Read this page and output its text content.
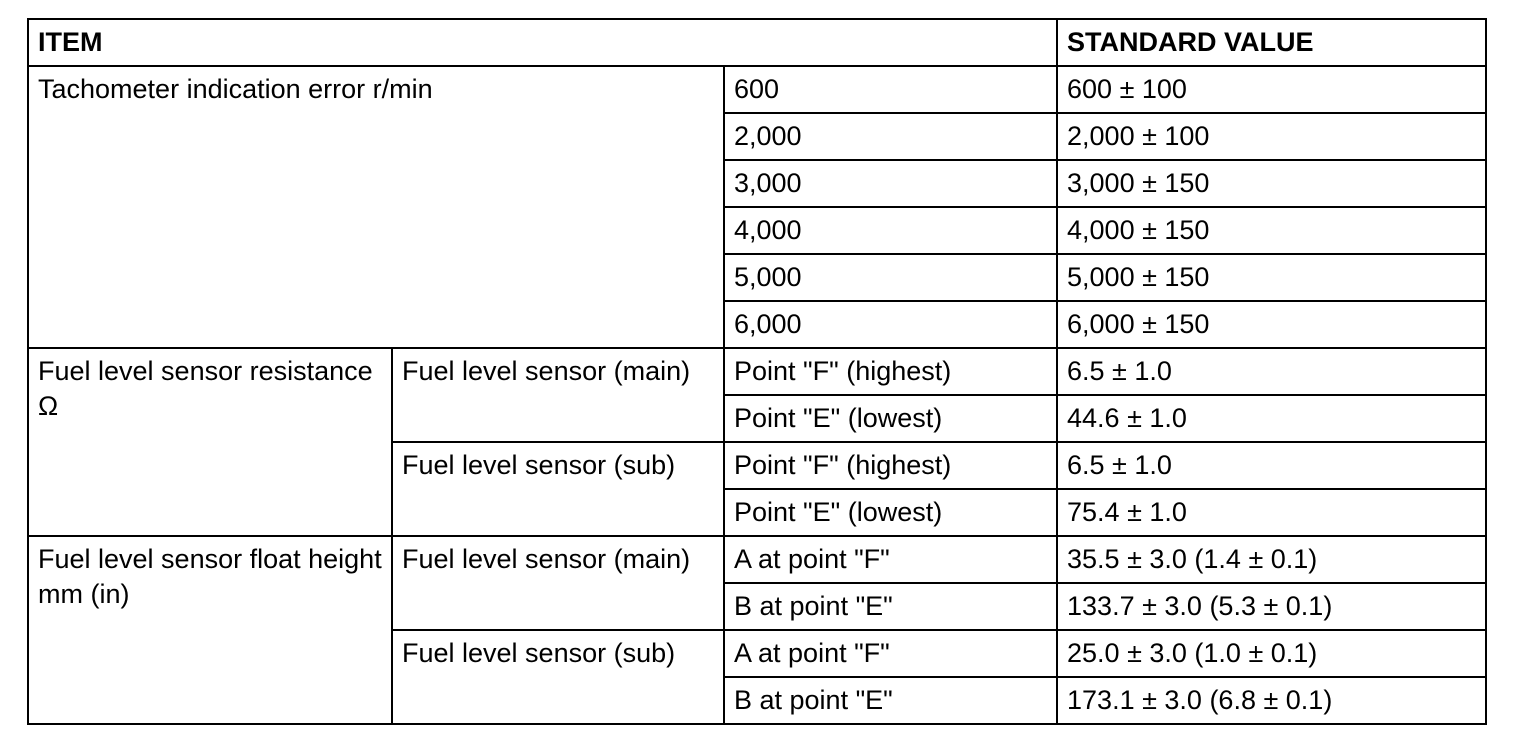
ITEM			STANDARD VALUE
Tachometer indication error r/min		600	600 ± 100
		2,000	2,000 ± 100
		3,000	3,000 ± 150
		4,000	4,000 ± 150
		5,000	5,000 ± 150
		6,000	6,000 ± 150
Fuel level sensor resistance Ω	Fuel level sensor (main)	Point "F" (highest)	6.5 ± 1.0
		Point "E" (lowest)	44.6 ± 1.0
	Fuel level sensor (sub)	Point "F" (highest)	6.5 ± 1.0
		Point "E" (lowest)	75.4 ± 1.0
Fuel level sensor float height mm (in)	Fuel level sensor (main)	A at point "F"	35.5 ± 3.0 (1.4 ± 0.1)
		B at point "E"	133.7 ± 3.0 (5.3 ± 0.1)
	Fuel level sensor (sub)	A at point "F"	25.0 ± 3.0 (1.0 ± 0.1)
		B at point "E"	173.1 ± 3.0 (6.8 ± 0.1)
